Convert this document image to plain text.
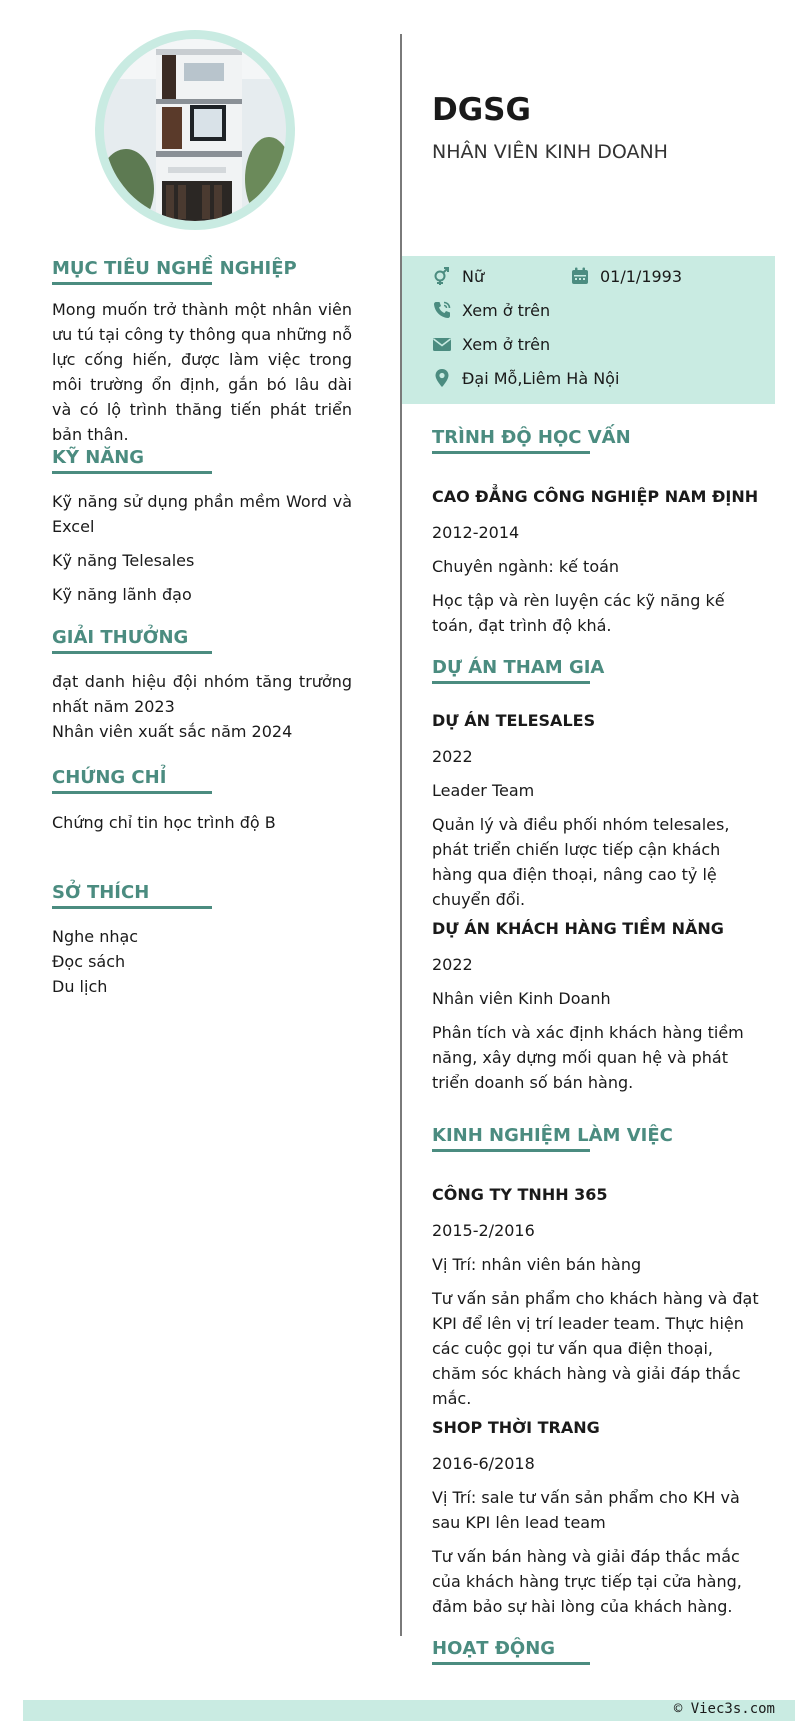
MỤC TIÊU NGHỀ NGHIỆP
Mong muốn trở thành một nhân viên ưu tú tại công ty thông qua những nỗ lực cống hiến, được làm việc trong môi trường ổn định, gắn bó lâu dài và có lộ trình thăng tiến phát triển bản thân.
KỸ NĂNG
Kỹ năng sử dụng phần mềm Word và Excel
Kỹ năng Telesales
Kỹ năng lãnh đạo
GIẢI THƯỞNG
đạt danh hiệu đội nhóm tăng trưởng nhất năm 2023
Nhân viên xuất sắc năm 2024
CHỨNG CHỈ
Chứng chỉ tin học trình độ B
SỞ THÍCH
Nghe nhạc
Đọc sách
Du lịch
Nữ	01/1/1993
Xem ở trên
Xem ở trên
Đại Mỗ,Liêm Hà Nội
DGSG
NHÂN VIÊN KINH DOANH
TRÌNH ĐỘ HỌC VẤN
CAO ĐẲNG CÔNG NGHIỆP NAM ĐỊNH
2012-2014
Chuyên ngành: kế toán
Học tập và rèn luyện các kỹ năng kế toán, đạt trình độ khá.
DỰ ÁN THAM GIA
DỰ ÁN TELESALES
2022
Leader Team
Quản lý và điều phối nhóm telesales, phát triển chiến lược tiếp cận khách hàng qua điện thoại, nâng cao tỷ lệ chuyển đổi.
DỰ ÁN KHÁCH HÀNG TIỀM NĂNG
2022
Nhân viên Kinh Doanh
Phân tích và xác định khách hàng tiềm năng, xây dựng mối quan hệ và phát triển doanh số bán hàng.
KINH NGHIỆM LÀM VIỆC
CÔNG TY TNHH 365
2015-2/2016
Vị Trí: nhân viên bán hàng
Tư vấn sản phẩm cho khách hàng và đạt KPI để lên vị trí leader team. Thực hiện các cuộc gọi tư vấn qua điện thoại, chăm sóc khách hàng và giải đáp thắc mắc.
SHOP THỜI TRANG
2016-6/2018
Vị Trí: sale tư vấn sản phẩm cho KH và sau KPI lên lead team
Tư vấn bán hàng và giải đáp thắc mắc của khách hàng trực tiếp tại cửa hàng, đảm bảo sự hài lòng của khách hàng.
HOẠT ĐỘNG
© Viec3s.com
